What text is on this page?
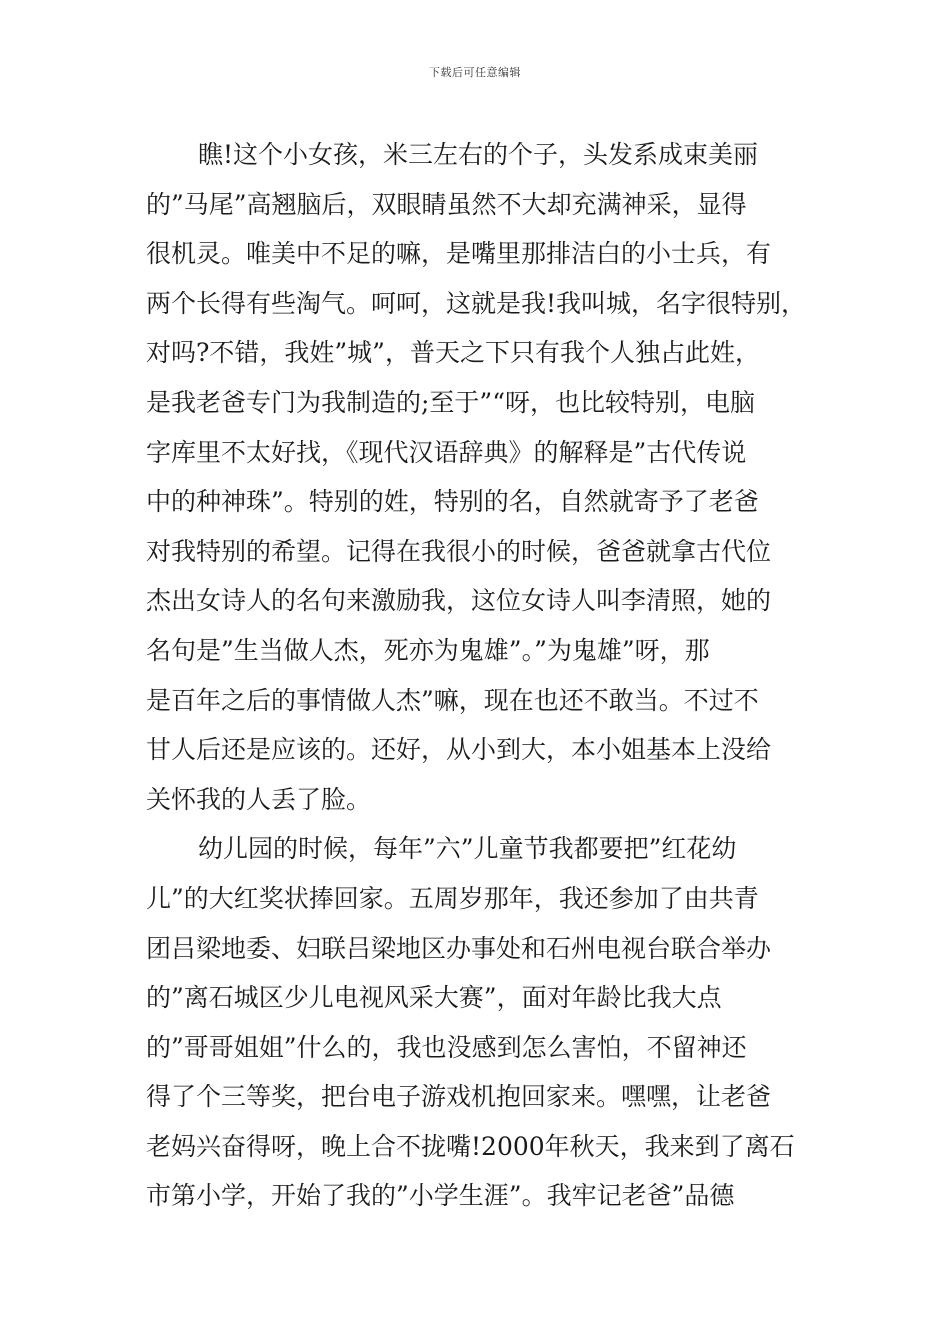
下载后可任意编辑
瞧!这个小女孩，米三左右的个子，头发系成束美丽
的”马尾”高翘脑后，双眼睛虽然不大却充满神采，显得
很机灵。唯美中不足的嘛，是嘴里那排洁白的小士兵，有
两个长得有些淘气。呵呵，这就是我!我叫城，名字很特别，
对吗?不错，我姓”城”，普天之下只有我个人独占此姓，
是我老爸专门为我制造的;至于”“呀，也比较特别，电脑
字库里不太好找，《现代汉语辞典》的解释是”古代传说
中的种神珠”。特别的姓，特别的名，自然就寄予了老爸
对我特别的希望。记得在我很小的时候，爸爸就拿古代位
杰出女诗人的名句来激励我，这位女诗人叫李清照，她的
名句是”生当做人杰，死亦为鬼雄”。”为鬼雄”呀，那
是百年之后的事情做人杰”嘛，现在也还不敢当。不过不
甘人后还是应该的。还好，从小到大，本小姐基本上没给
关怀我的人丢了脸。
幼儿园的时候，每年”六”儿童节我都要把”红花幼
儿”的大红奖状捧回家。五周岁那年，我还参加了由共青
团吕梁地委、妇联吕梁地区办事处和石州电视台联合举办
的”离石城区少儿电视风采大赛”，面对年龄比我大点
的”哥哥姐姐”什么的，我也没感到怎么害怕，不留神还
得了个三等奖，把台电子游戏机抱回家来。嘿嘿，让老爸
老妈兴奋得呀，晚上合不拢嘴!2000年秋天，我来到了离石
市第小学，开始了我的”小学生涯”。我牢记老爸”品德
